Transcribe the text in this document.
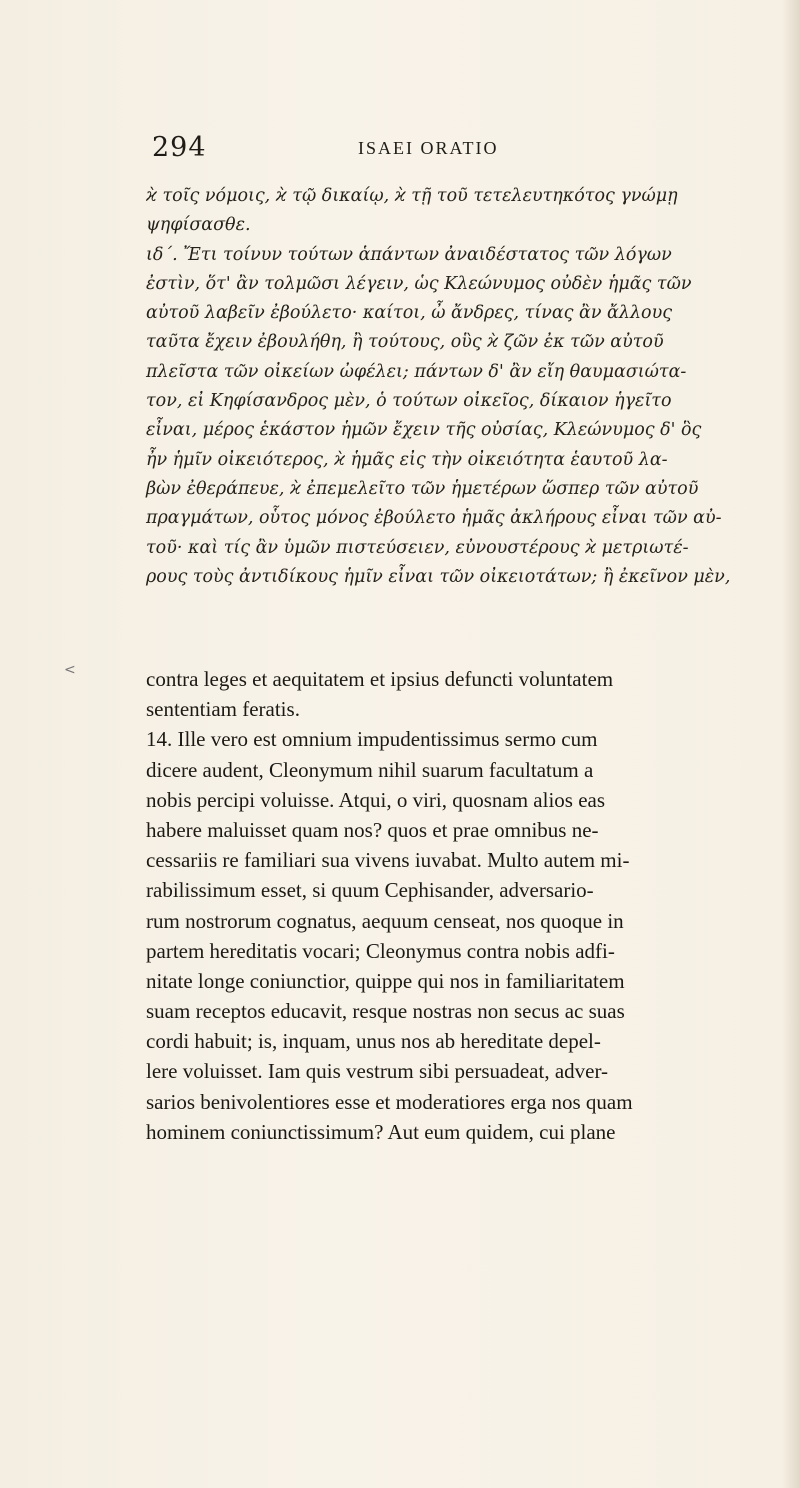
294	ISAEI ORATIO
<
ϰ̀ τοῖς νόμοις, ϰ̀ τῷ δικαίῳ, ϰ̀ τῇ τοῦ τετελευτηκότος γνώμῃ
ψηφίσασθε.
ιδ΄. Ἔτι τοίνυν τούτων ἁπάντων ἀναιδέστατος τῶν λόγων
ἐστὶν, ὅτ' ἂν τολμῶσι λέγειν, ὡς Κλεώνυμος οὐδὲν ἡμᾶς τῶν
αὐτοῦ λαβεῖν ἐβούλετο· καίτοι, ὦ ἄνδρες, τίνας ἂν ἄλλους
ταῦτα ἔχειν ἐβουλήθη, ἢ τούτους, οὓς ϰ̀ ζῶν ἐκ τῶν αὐτοῦ
πλεῖστα τῶν οἰκείων ὠφέλει; πάντων δ' ἂν εἴη θαυμασιώτα-
τον, εἰ Κηφίσανδρος μὲν, ὁ τούτων οἰκεῖος, δίκαιον ἡγεῖτο
εἶναι, μέρος ἑκάστον ἡμῶν ἔχειν τῆς οὐσίας, Κλεώνυμος δ' ὃς
ἦν ἡμῖν οἰκειότερος, ϰ̀ ἡμᾶς εἰς τὴν οἰκειότητα ἑαυτοῦ λα-
βὼν ἐθεράπευε, ϰ̀ ἐπεμελεῖτο τῶν ἡμετέρων ὥσπερ τῶν αὐτοῦ
πραγμάτων, οὗτος μόνος ἐβούλετο ἡμᾶς ἀκλήρους εἶναι τῶν αὐ-
τοῦ· καὶ τίς ἂν ὑμῶν πιστεύσειεν, εὐνουστέρους ϰ̀ μετριωτέ-
ρους τοὺς ἀντιδίκους ἡμῖν εἶναι τῶν οἰκειοτάτων; ἢ ἐκεῖνον μὲν,
contra leges et aequitatem et ipsius defuncti voluntatem
sententiam feratis.
14. Ille vero est omnium impudentissimus sermo cum
dicere audent, Cleonymum nihil suarum facultatum a
nobis percipi voluisse. Atqui, o viri, quosnam alios eas
habere maluisset quam nos? quos et prae omnibus ne-
cessariis re familiari sua vivens iuvabat. Multo autem mi-
rabilissimum esset, si quum Cephisander, adversario-
rum nostrorum cognatus, aequum censeat, nos quoque in
partem hereditatis vocari; Cleonymus contra nobis adfi-
nitate longe coniunctior, quippe qui nos in familiaritatem
suam receptos educavit, resque nostras non secus ac suas
cordi habuit; is, inquam, unus nos ab hereditate depel-
lere voluisset. Iam quis vestrum sibi persuadeat, adver-
sarios benivolentiores esse et moderatiores erga nos quam
hominem coniunctissimum? Aut eum quidem, cui plane
